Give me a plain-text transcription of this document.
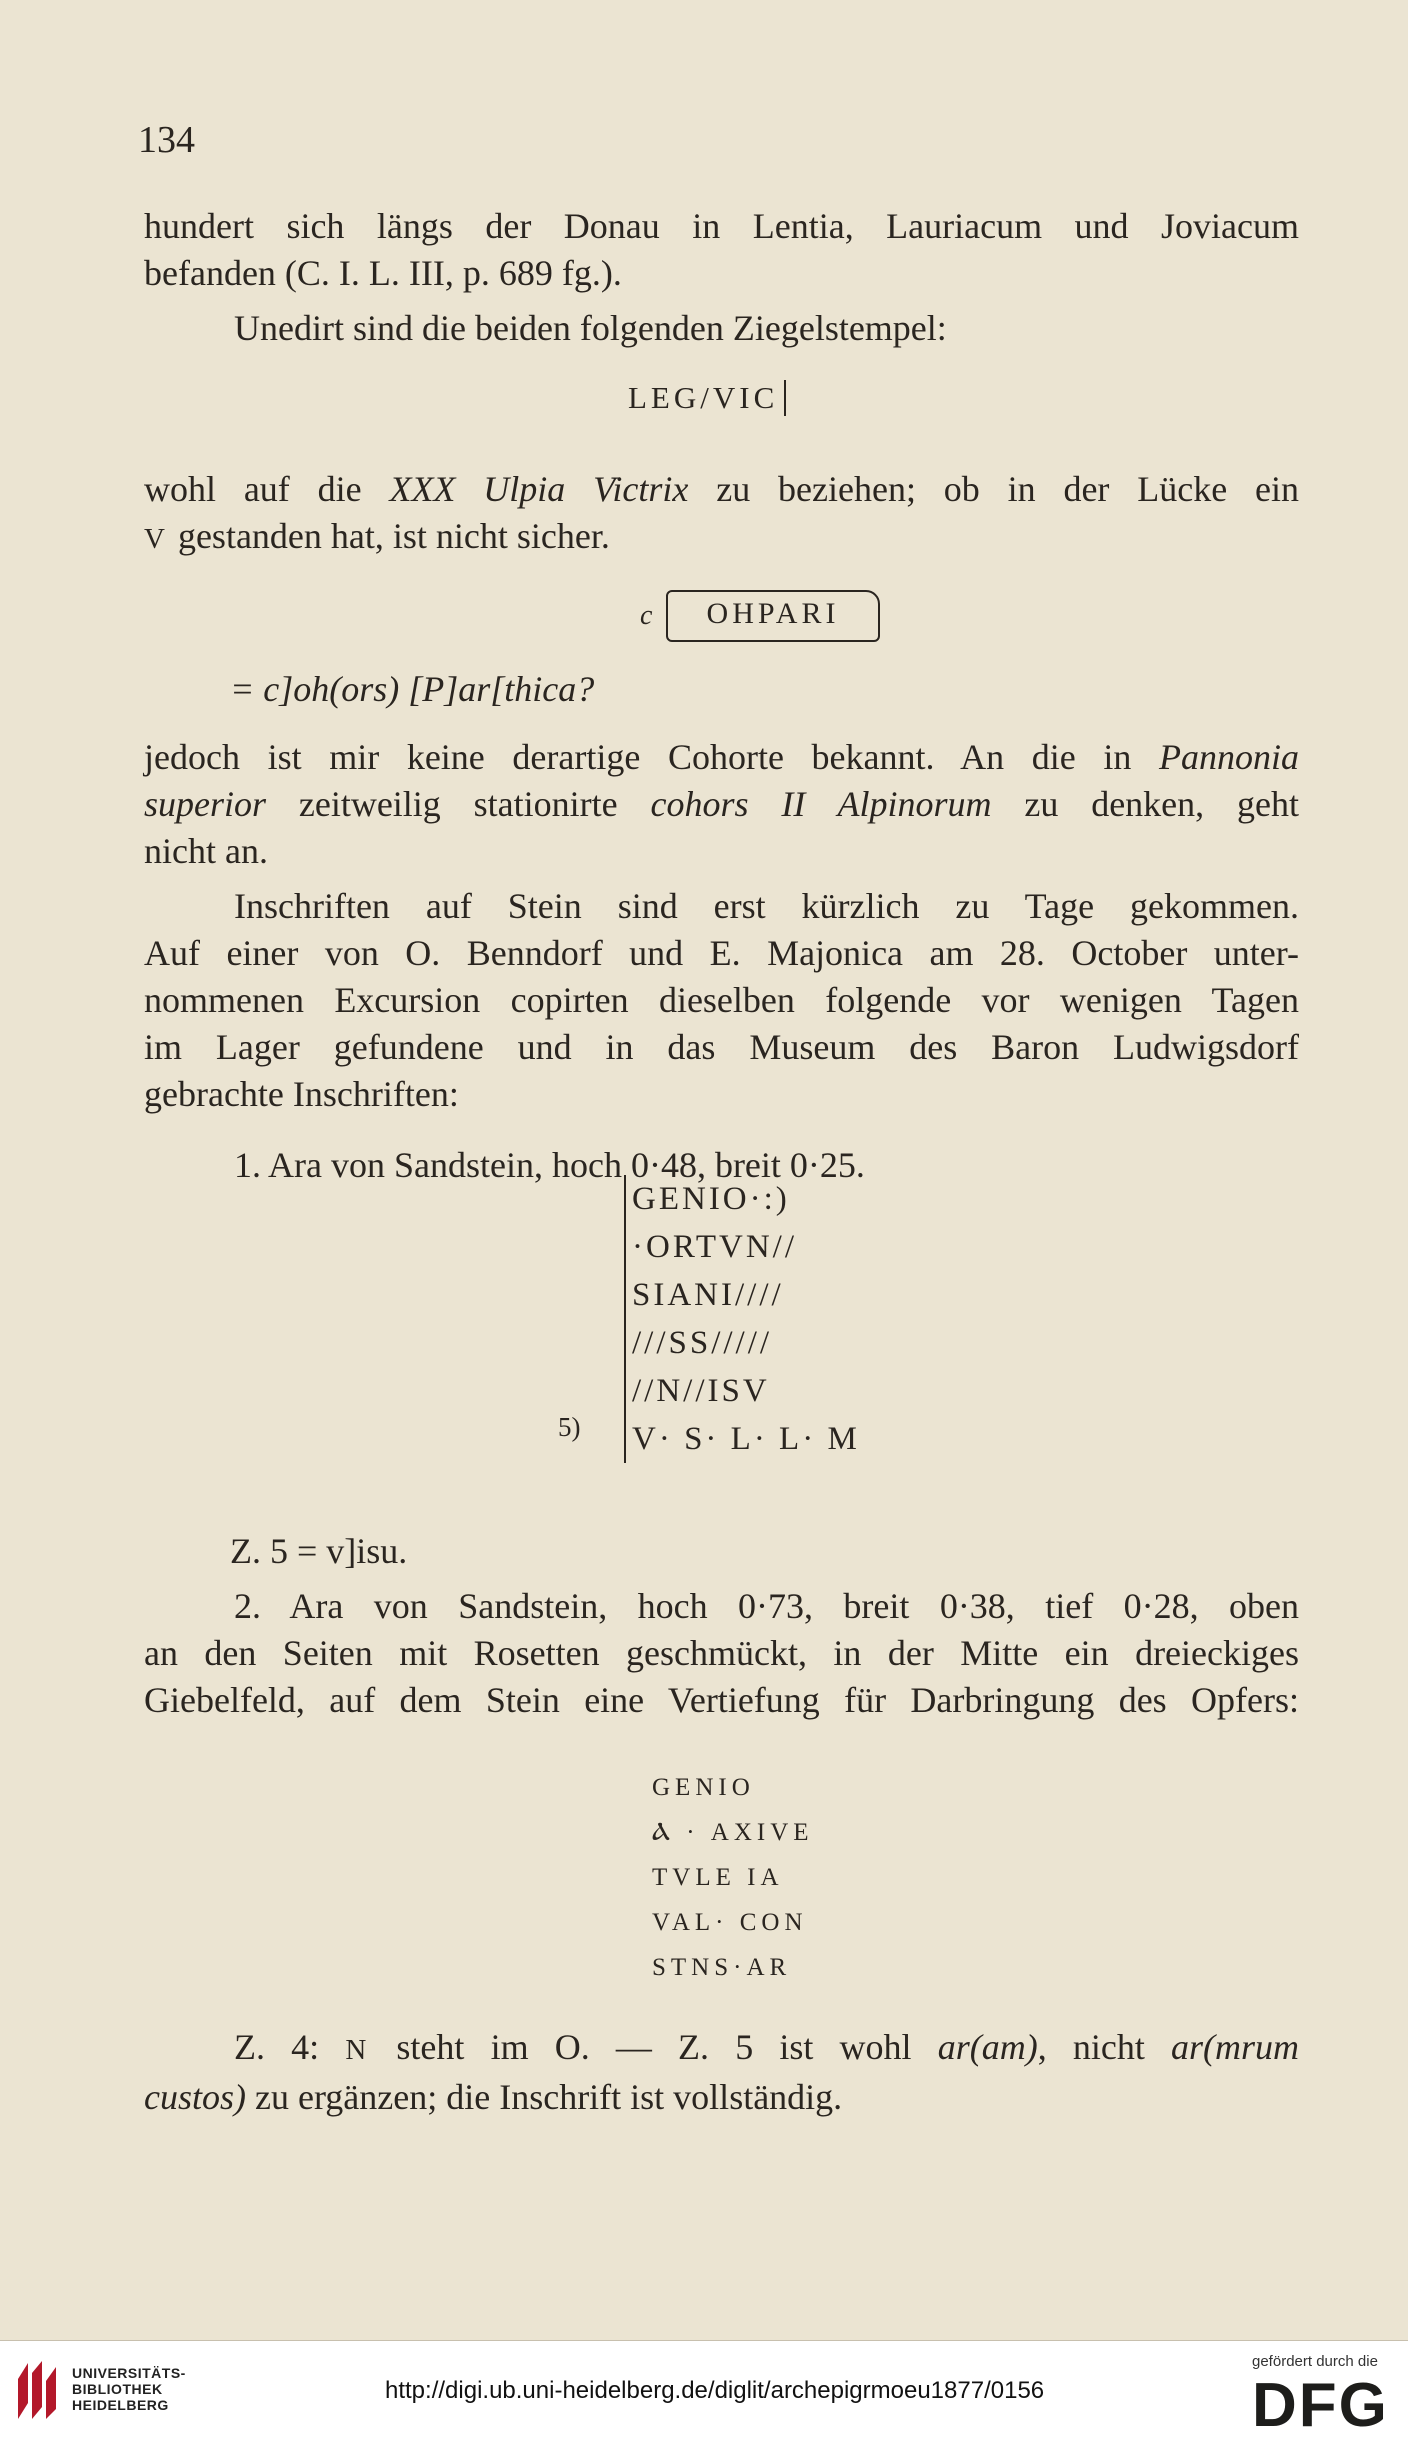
134
hundert sich längs der Donau in Lentia, Lauriacum und Joviacum
befanden (C. I. L. III, p. 689 fg.).
Unedirt sind die beiden folgenden Ziegelstempel:
LEG/VIC
wohl auf die XXX Ulpia Victrix zu beziehen; ob in der Lücke ein
V gestanden hat, ist nicht sicher.
c	OHPARI
= c]oh(ors) [P]ar[thica?
jedoch ist mir keine derartige Cohorte bekannt. An die in Pannonia
superior zeitweilig stationirte cohors II Alpinorum zu denken, geht
nicht an.
Inschriften auf Stein sind erst kürzlich zu Tage gekommen.
Auf einer von O. Benndorf und E. Majonica am 28. October unter-
nommenen Excursion copirten dieselben folgende vor wenigen Tagen
im Lager gefundene und in das Museum des Baron Ludwigsdorf
gebrachte Inschriften:
1. Ara von Sandstein, hoch 0·48, breit 0·25.
GENIO·:)
·ORTVN//
SIANI////
///SS/////
//N//ISV
V· S· L· L· M
5)
Z. 5 = v]isu.
2. Ara von Sandstein, hoch 0·73, breit 0·38, tief 0·28, oben
an den Seiten mit Rosetten geschmückt, in der Mitte ein dreieckiges
Giebelfeld, auf dem Stein eine Vertiefung für Darbringung des Opfers:
GENIO
Ⲁ · AXIVE
TVLE IA
VAL· CON
STNS·AR
Z. 4: N steht im O. — Z. 5 ist wohl ar(am), nicht ar(mrum
custos) zu ergänzen; die Inschrift ist vollständig.
UNIVERSITÄTS-
BIBLIOTHEK
HEIDELBERG
http://digi.ub.uni-heidelberg.de/diglit/archepigrmoeu1877/0156
gefördert durch die
DFG
